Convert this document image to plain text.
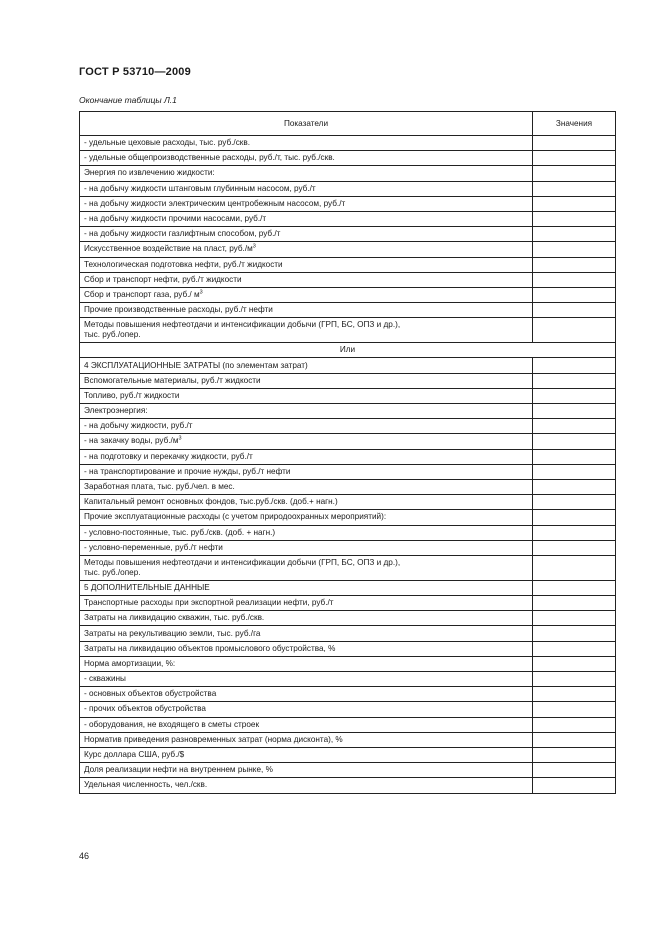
ГОСТ Р 53710—2009
Окончание таблицы Л.1
Показатели	Значения
- удельные цеховые расходы, тыс. руб./скв.	
- удельные общепроизводственные расходы, руб./т, тыс. руб./скв.	
Энергия по извлечению жидкости:	
- на добычу жидкости штанговым глубинным насосом, руб./т	
- на добычу жидкости электрическим центробежным насосом, руб./т	
- на добычу жидкости прочими насосами, руб./т	
- на добычу жидкости газлифтным способом, руб./т	
Искусственное воздействие на пласт, $руб./м^3$	
Технологическая подготовка нефти, руб./т жидкости	
Сбор и транспорт нефти, руб./т жидкости	
Сбор и транспорт газа, руб./ $м^3$	
Прочие производственные расходы, руб./т нефти	
Методы повышения нефтеотдачи и интенсификации добычи (ГРП, БС, ОПЗ и др.),
тыс. руб./опер.	
Или	
4 ЭКСПЛУАТАЦИОННЫЕ ЗАТРАТЫ (по элементам затрат)	
Вспомогательные материалы, руб./т жидкости	
Топливо, руб./т жидкости	
Электроэнергия:	
- на добычу жидкости, руб./т	
- на закачку воды, $руб./м^3$	
- на подготовку и перекачку жидкости, руб./т	
- на транспортирование и прочие нужды, руб./т нефти	
Заработная плата, тыс. руб./чел. в мес.	
Капитальный ремонт основных фондов, тыс.руб./скв. (доб.+ нагн.)	
Прочие эксплуатационные расходы (с учетом природоохранных мероприятий):	
- условно-постоянные, тыс. руб./скв. (доб. + нагн.)	
- условно-переменные, руб./т нефти	
Методы повышения нефтеотдачи и интенсификации добычи (ГРП, БС, ОПЗ и др.),
тыс. руб./опер.	
5 ДОПОЛНИТЕЛЬНЫЕ ДАННЫЕ	
Транспортные расходы при экспортной реализации нефти, руб./т	
Затраты на ликвидацию скважин, тыс. руб./скв.	
Затраты на рекультивацию земли, тыс. руб./га	
Затраты на ликвидацию объектов промыслового обустройства, %	
Норма амортизации, %:	
- скважины	
- основных объектов обустройства	
- прочих объектов обустройства	
- оборудования, не входящего в сметы строек	
Норматив приведения разновременных затрат (норма дисконта), %	
Курс доллара США, руб./$	
Доля реализации нефти на внутреннем рынке, %	
Удельная численность, чел./скв.	
46
